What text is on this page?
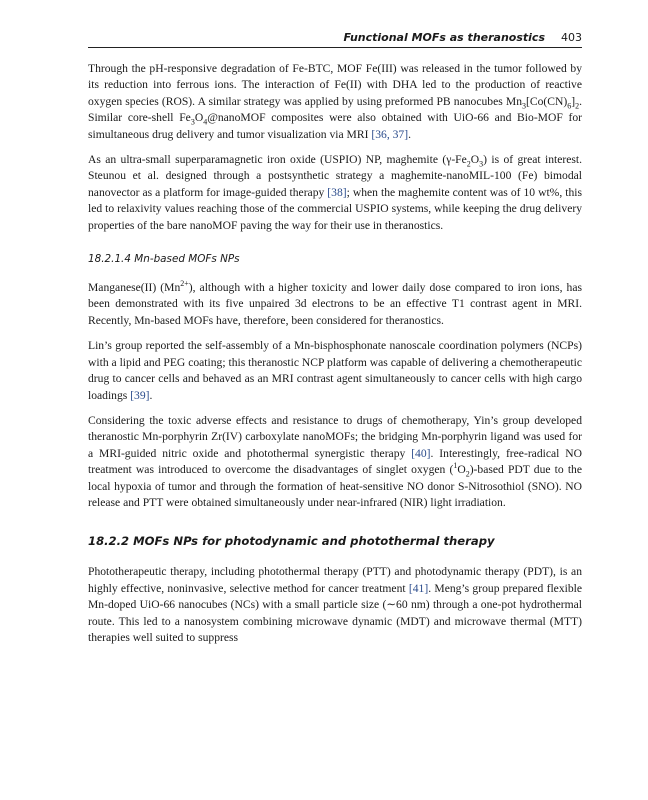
Functional MOFs as theranostics 403

Through the pH-responsive degradation of Fe-BTC, MOF Fe(III) was released in the tumor followed by its reduction into ferrous ions. The interaction of Fe(II) with DHA led to the production of reactive oxygen species (ROS). A similar strategy was applied by using preformed PB nanocubes $Mn_3[Co(CN)_6]_2$. Similar core-shell $Fe_3O_4@nanoMOF$ composites were also obtained with UiO-66 and Bio-MOF for simultaneous drug delivery and tumor visualization via MRI [36, 37].

As an ultra-small superparamagnetic iron oxide (USPIO) NP, maghemite $(\gamma-Fe_2O_3)$ is of great interest. Steunou et al. designed through a postsynthetic strategy a maghemite-nanoMIL-100 (Fe) bimodal nanovector as a platform for image-guided therapy [38]; when the maghemite content was of 10 wt%, this led to relaxivity values reaching those of the commercial USPIO systems, while keeping the drug delivery properties of the bare nanoMOF paving the way for their use in theranostics.

18.2.1.4 Mn-based MOFs NPs

Manganese(II) $(Mn^{2+})$, although with a higher toxicity and lower daily dose compared to iron ions, has been demonstrated with its five unpaired 3d electrons to be an effective T1 contrast agent in MRI. Recently, Mn-based MOFs have, therefore, been considered for theranostics.

Lin’s group reported the self-assembly of a Mn-bisphosphonate nanoscale coordination polymers (NCPs) with a lipid and PEG coating; this theranostic NCP platform was capable of delivering a chemotherapeutic drug to cancer cells and behaved as an MRI contrast agent simultaneously to cancer cells with high cargo loadings [39].

Considering the toxic adverse effects and resistance to drugs of chemotherapy, Yin’s group developed theranostic Mn-porphyrin Zr(IV) carboxylate nanoMOFs; the bridging Mn-porphyrin ligand was used for a MRI-guided nitric oxide and photothermal synergistic therapy [40]. Interestingly, free-radical NO treatment was introduced to overcome the disadvantages of singlet oxygen $(^1O_2)$-based PDT due to the local hypoxia of tumor and through the formation of heat-sensitive NO donor S-Nitrosothiol (SNO). NO release and PTT were obtained simultaneously under near-infrared (NIR) light irradiation.

18.2.2 MOFs NPs for photodynamic and photothermal therapy

Phototherapeutic therapy, including photothermal therapy (PTT) and photodynamic therapy (PDT), is an highly effective, noninvasive, selective method for cancer treatment [41]. Meng’s group prepared flexible Mn-doped UiO-66 nanocubes (NCs) with a small particle size (∼60 nm) through a one-pot hydrothermal route. This led to a nanosystem combining microwave dynamic (MDT) and microwave thermal (MTT) therapies well suited to suppress
